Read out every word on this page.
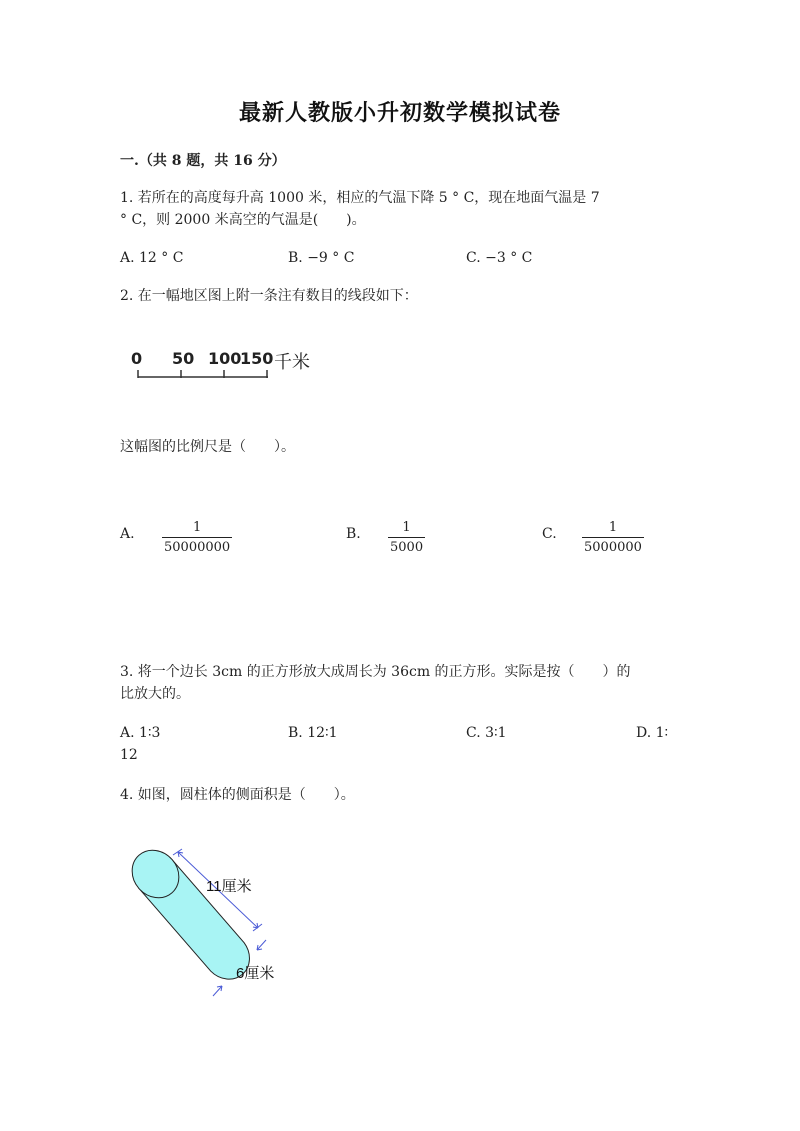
最新人教版小升初数学模拟试卷
一.（共 8 题，共 16 分）
1. 若所在的高度每升高 1000 米，相应的气温下降 5 ° C，现在地面气温是 7
° C，则 2000 米高空的气温是(　　)。
A. 12 ° C	B. −9 ° C	C. −3 ° C
2. 在一幅地区图上附一条注有数目的线段如下：
0 50 100
150 千米
这幅图的比例尺是（　　）。
A. $\frac{1}{50000000}$	B. $\frac{1}{5000}$	C. $\frac{1}{5000000}$
3. 将一个边长 3cm 的正方形放大成周长为 36cm 的正方形。实际是按（　　）的
比放大的。
A. 1∶3	B. 12∶1	C. 3∶1	D. 1∶
12
4. 如图，圆柱体的侧面积是（　　）。
11厘米
6厘米
